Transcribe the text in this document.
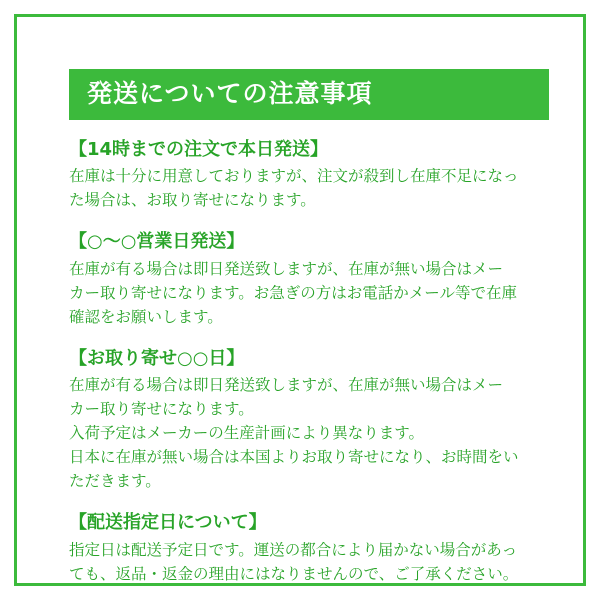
発送についての注意事項
【14時までの注文で本日発送】
在庫は十分に用意しておりますが、注文が殺到し在庫不足になっ
た場合は、お取り寄せになります。
【○〜○営業日発送】
在庫が有る場合は即日発送致しますが、在庫が無い場合はメー
カー取り寄せになります。お急ぎの方はお電話かメール等で在庫
確認をお願いします。
【お取り寄せ○○日】
在庫が有る場合は即日発送致しますが、在庫が無い場合はメー
カー取り寄せになります。
入荷予定はメーカーの生産計画により異なります。
日本に在庫が無い場合は本国よりお取り寄せになり、お時間をい
ただきます。
【配送指定日について】
指定日は配送予定日です。運送の都合により届かない場合があっ
ても、返品・返金の理由にはなりませんので、ご了承ください。
